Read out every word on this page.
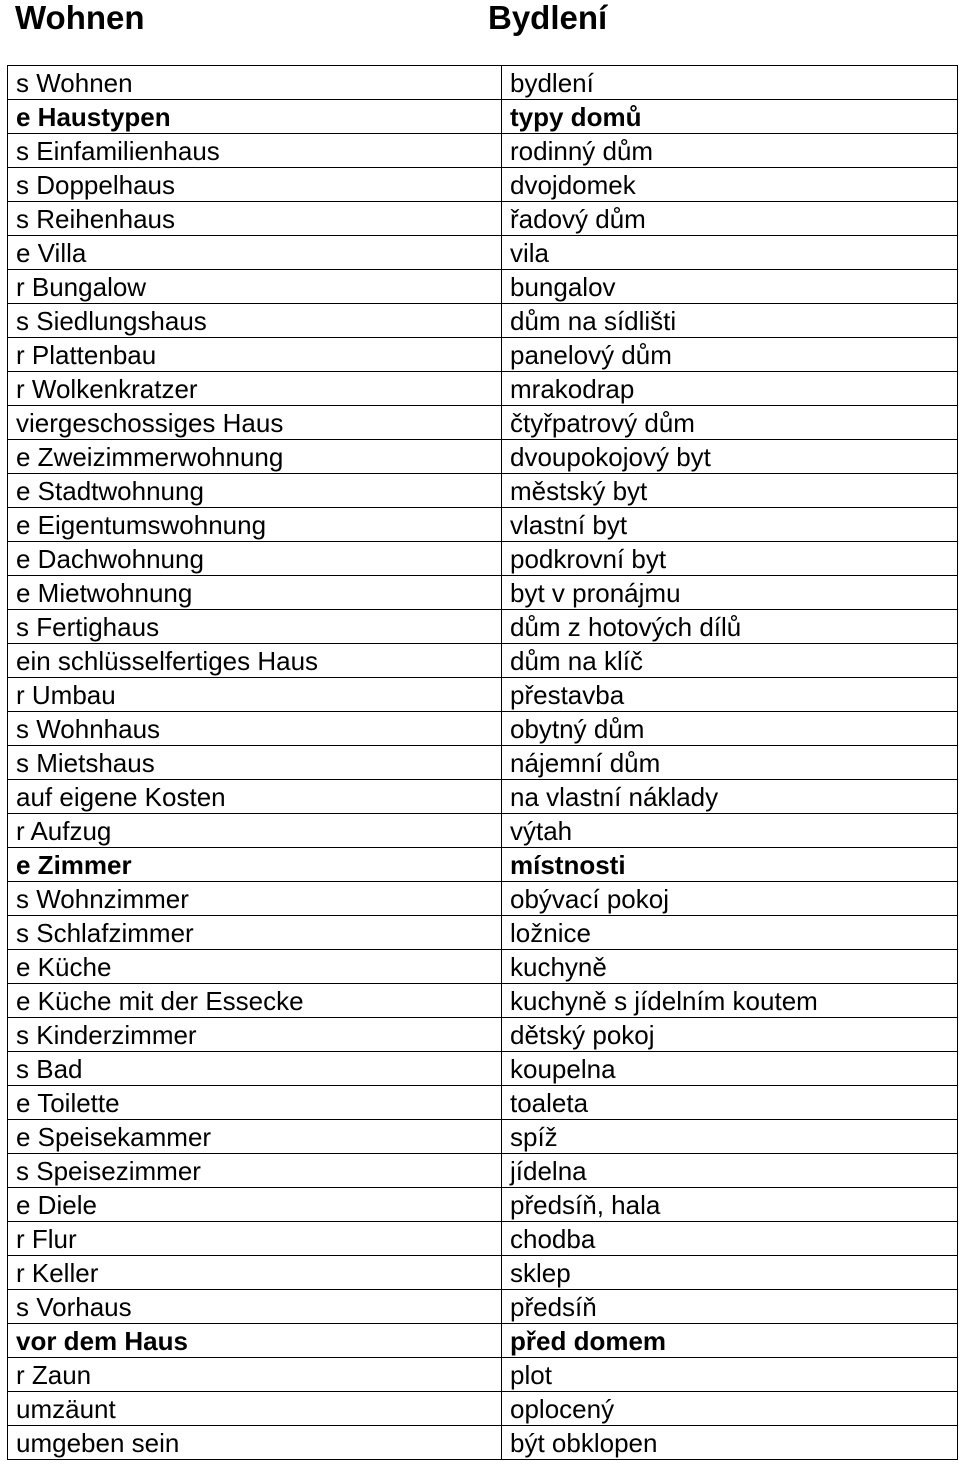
Wohnen	Bydlení
s Wohnen	bydlení
e Haustypen	typy domů
s Einfamilienhaus	rodinný dům
s Doppelhaus	dvojdomek
s Reihenhaus	řadový dům
e Villa	vila
r Bungalow	bungalov
s Siedlungshaus	dům na sídlišti
r Plattenbau	panelový dům
r Wolkenkratzer	mrakodrap
viergeschossiges Haus	čtyřpatrový dům
e Zweizimmerwohnung	dvoupokojový byt
e Stadtwohnung	městský byt
e Eigentumswohnung	vlastní byt
e Dachwohnung	podkrovní byt
e Mietwohnung	byt v pronájmu
s Fertighaus	dům z hotových dílů
ein schlüsselfertiges Haus	dům na klíč
r Umbau	přestavba
s Wohnhaus	obytný dům
s Mietshaus	nájemní dům
auf eigene Kosten	na vlastní náklady
r Aufzug	výtah
e Zimmer	místnosti
s Wohnzimmer	obývací pokoj
s Schlafzimmer	ložnice
e Küche	kuchyně
e Küche mit der Essecke	kuchyně s jídelním koutem
s Kinderzimmer	dětský pokoj
s Bad	koupelna
e Toilette	toaleta
e Speisekammer	spíž
s Speisezimmer	jídelna
e Diele	předsíň, hala
r Flur	chodba
r Keller	sklep
s Vorhaus	předsíň
vor dem Haus	před domem
r Zaun	plot
umzäunt	oplocený
umgeben sein	být obklopen
